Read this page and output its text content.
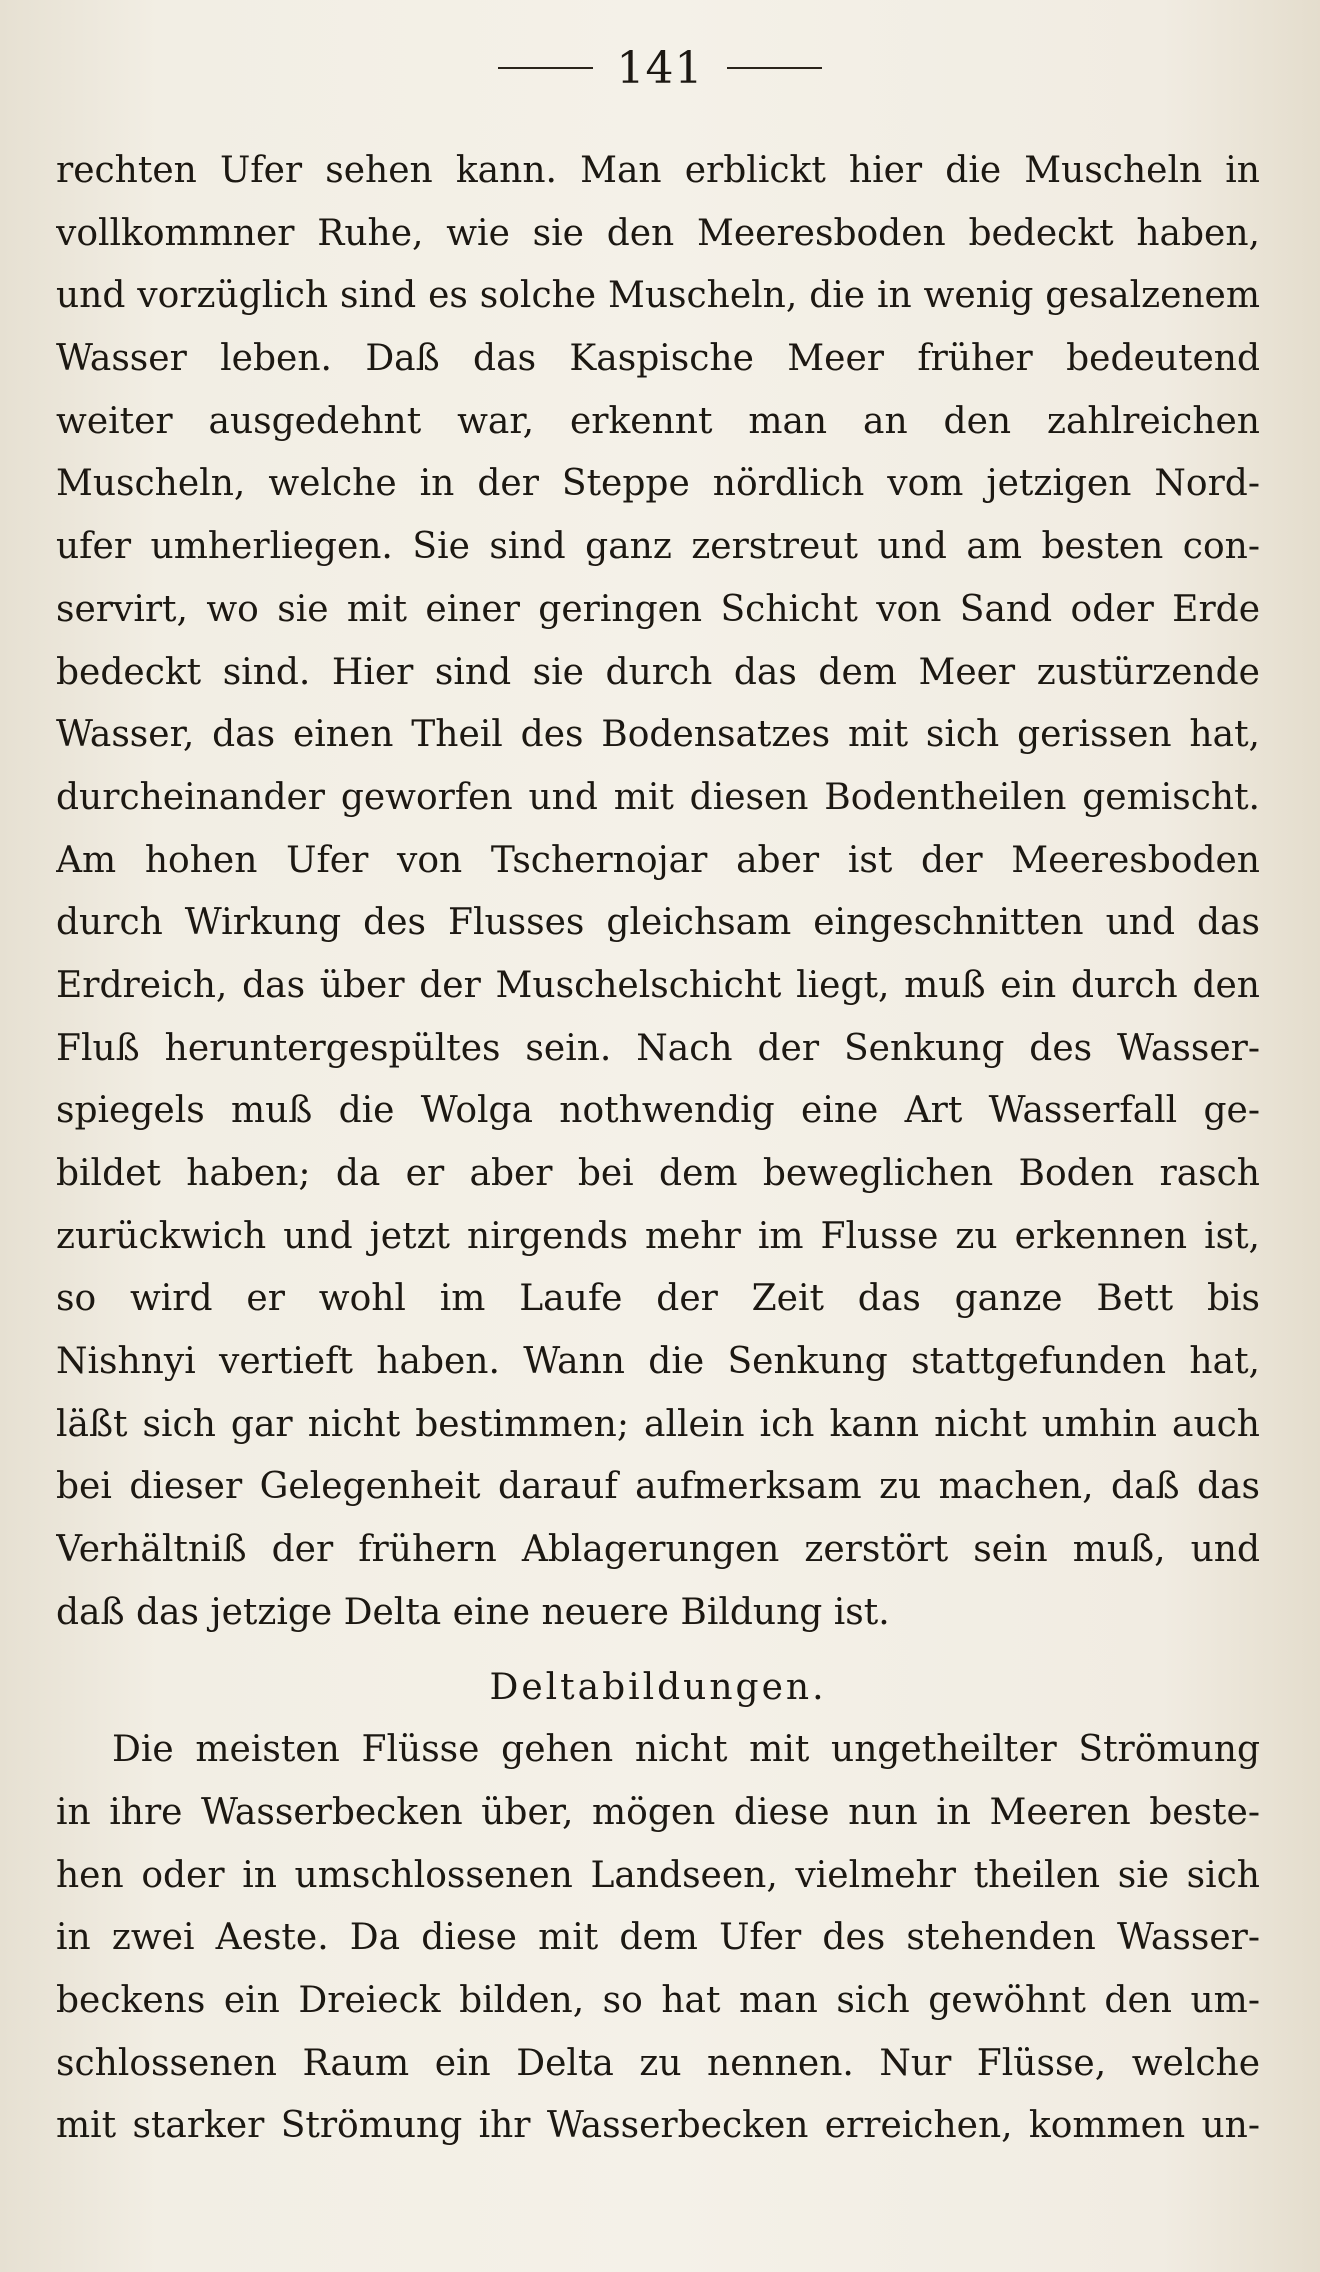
141
rechten Ufer sehen kann. Man erblickt hier die Muscheln in
vollkommner Ruhe, wie sie den Meeresboden bedeckt haben,
und vorzüglich sind es solche Muscheln, die in wenig gesalzenem
Wasser leben. Daß das Kaspische Meer früher bedeutend
weiter ausgedehnt war, erkennt man an den zahlreichen
Muscheln, welche in der Steppe nördlich vom jetzigen Nord-
ufer umherliegen. Sie sind ganz zerstreut und am besten con-
servirt, wo sie mit einer geringen Schicht von Sand oder Erde
bedeckt sind. Hier sind sie durch das dem Meer zustürzende
Wasser, das einen Theil des Bodensatzes mit sich gerissen hat,
durcheinander geworfen und mit diesen Bodentheilen gemischt.
Am hohen Ufer von Tschernojar aber ist der Meeresboden
durch Wirkung des Flusses gleichsam eingeschnitten und das
Erdreich, das über der Muschelschicht liegt, muß ein durch den
Fluß heruntergespültes sein. Nach der Senkung des Wasser-
spiegels muß die Wolga nothwendig eine Art Wasserfall ge-
bildet haben; da er aber bei dem beweglichen Boden rasch
zurückwich und jetzt nirgends mehr im Flusse zu erkennen ist,
so wird er wohl im Laufe der Zeit das ganze Bett bis
Nishnyi vertieft haben. Wann die Senkung stattgefunden hat,
läßt sich gar nicht bestimmen; allein ich kann nicht umhin auch
bei dieser Gelegenheit darauf aufmerksam zu machen, daß das
Verhältniß der frühern Ablagerungen zerstört sein muß, und
daß das jetzige Delta eine neuere Bildung ist.
Deltabildungen.
Die meisten Flüsse gehen nicht mit ungetheilter Strömung
in ihre Wasserbecken über, mögen diese nun in Meeren beste-
hen oder in umschlossenen Landseen, vielmehr theilen sie sich
in zwei Aeste. Da diese mit dem Ufer des stehenden Wasser-
beckens ein Dreieck bilden, so hat man sich gewöhnt den um-
schlossenen Raum ein Delta zu nennen. Nur Flüsse, welche
mit starker Strömung ihr Wasserbecken erreichen, kommen un-
